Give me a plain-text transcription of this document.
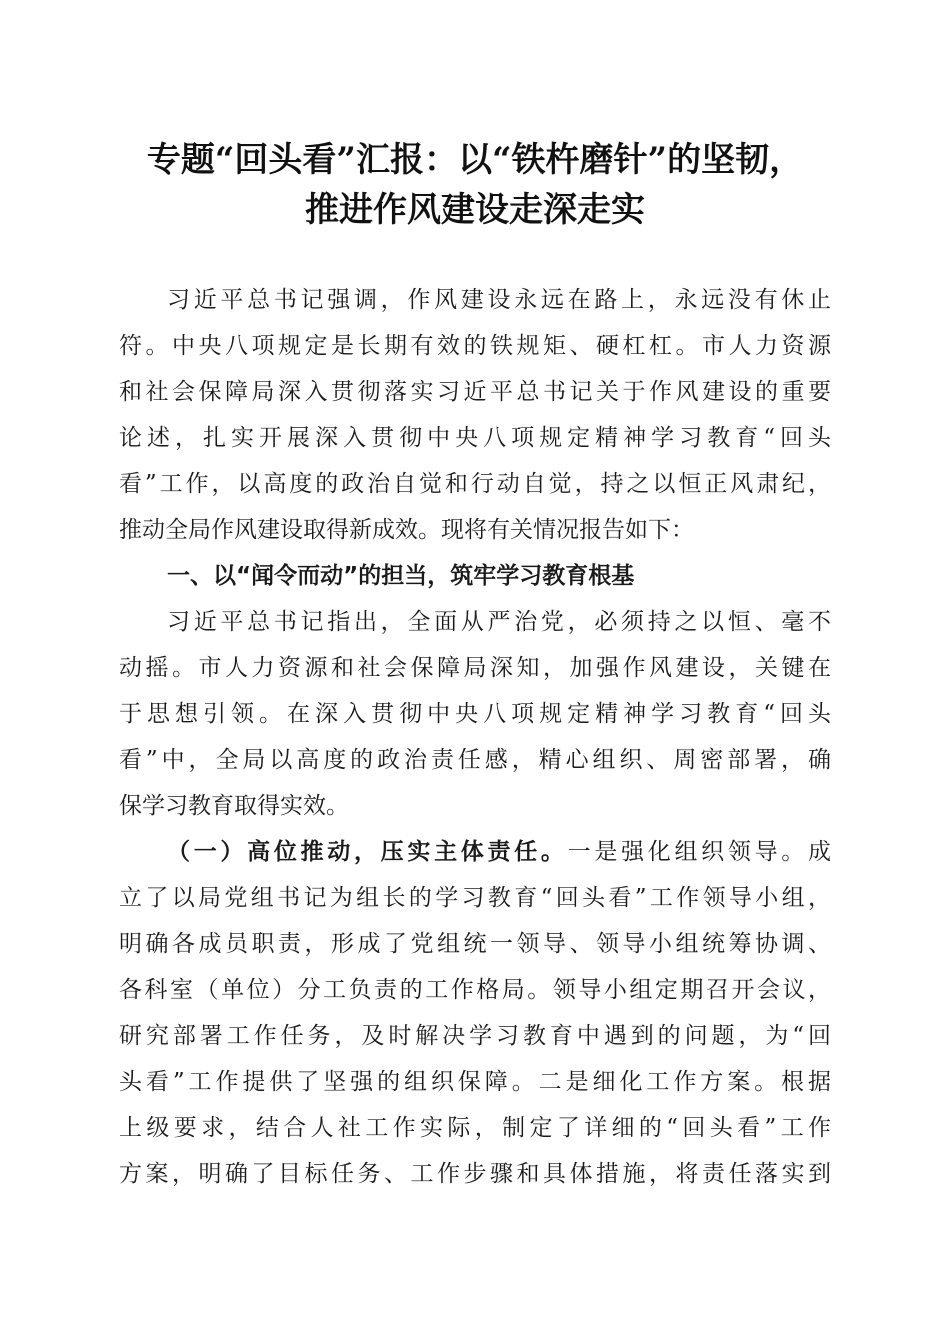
专题“回头看”汇报：以“铁杵磨针”的坚韧，
推进作风建设走深走实
习近平总书记强调，作风建设永远在路上，永远没有休止
符。中央八项规定是长期有效的铁规矩、硬杠杠。市人力资源
和社会保障局深入贯彻落实习近平总书记关于作风建设的重要
论述，扎实开展深入贯彻中央八项规定精神学习教育“回头
看”工作，以高度的政治自觉和行动自觉，持之以恒正风肃纪，
推动全局作风建设取得新成效。现将有关情况报告如下：
一、以“闻令而动”的担当，筑牢学习教育根基
习近平总书记指出，全面从严治党，必须持之以恒、毫不
动摇。市人力资源和社会保障局深知，加强作风建设，关键在
于思想引领。在深入贯彻中央八项规定精神学习教育“回头
看”中，全局以高度的政治责任感，精心组织、周密部署，确
保学习教育取得实效。
（一）高位推动，压实主体责任。一是强化组织领导。成
立了以局党组书记为组长的学习教育“回头看”工作领导小组，
明确各成员职责，形成了党组统一领导、领导小组统筹协调、
各科室（单位）分工负责的工作格局。领导小组定期召开会议，
研究部署工作任务，及时解决学习教育中遇到的问题，为“回
头看”工作提供了坚强的组织保障。二是细化工作方案。根据
上级要求，结合人社工作实际，制定了详细的“回头看”工作
方案，明确了目标任务、工作步骤和具体措施，将责任落实到
